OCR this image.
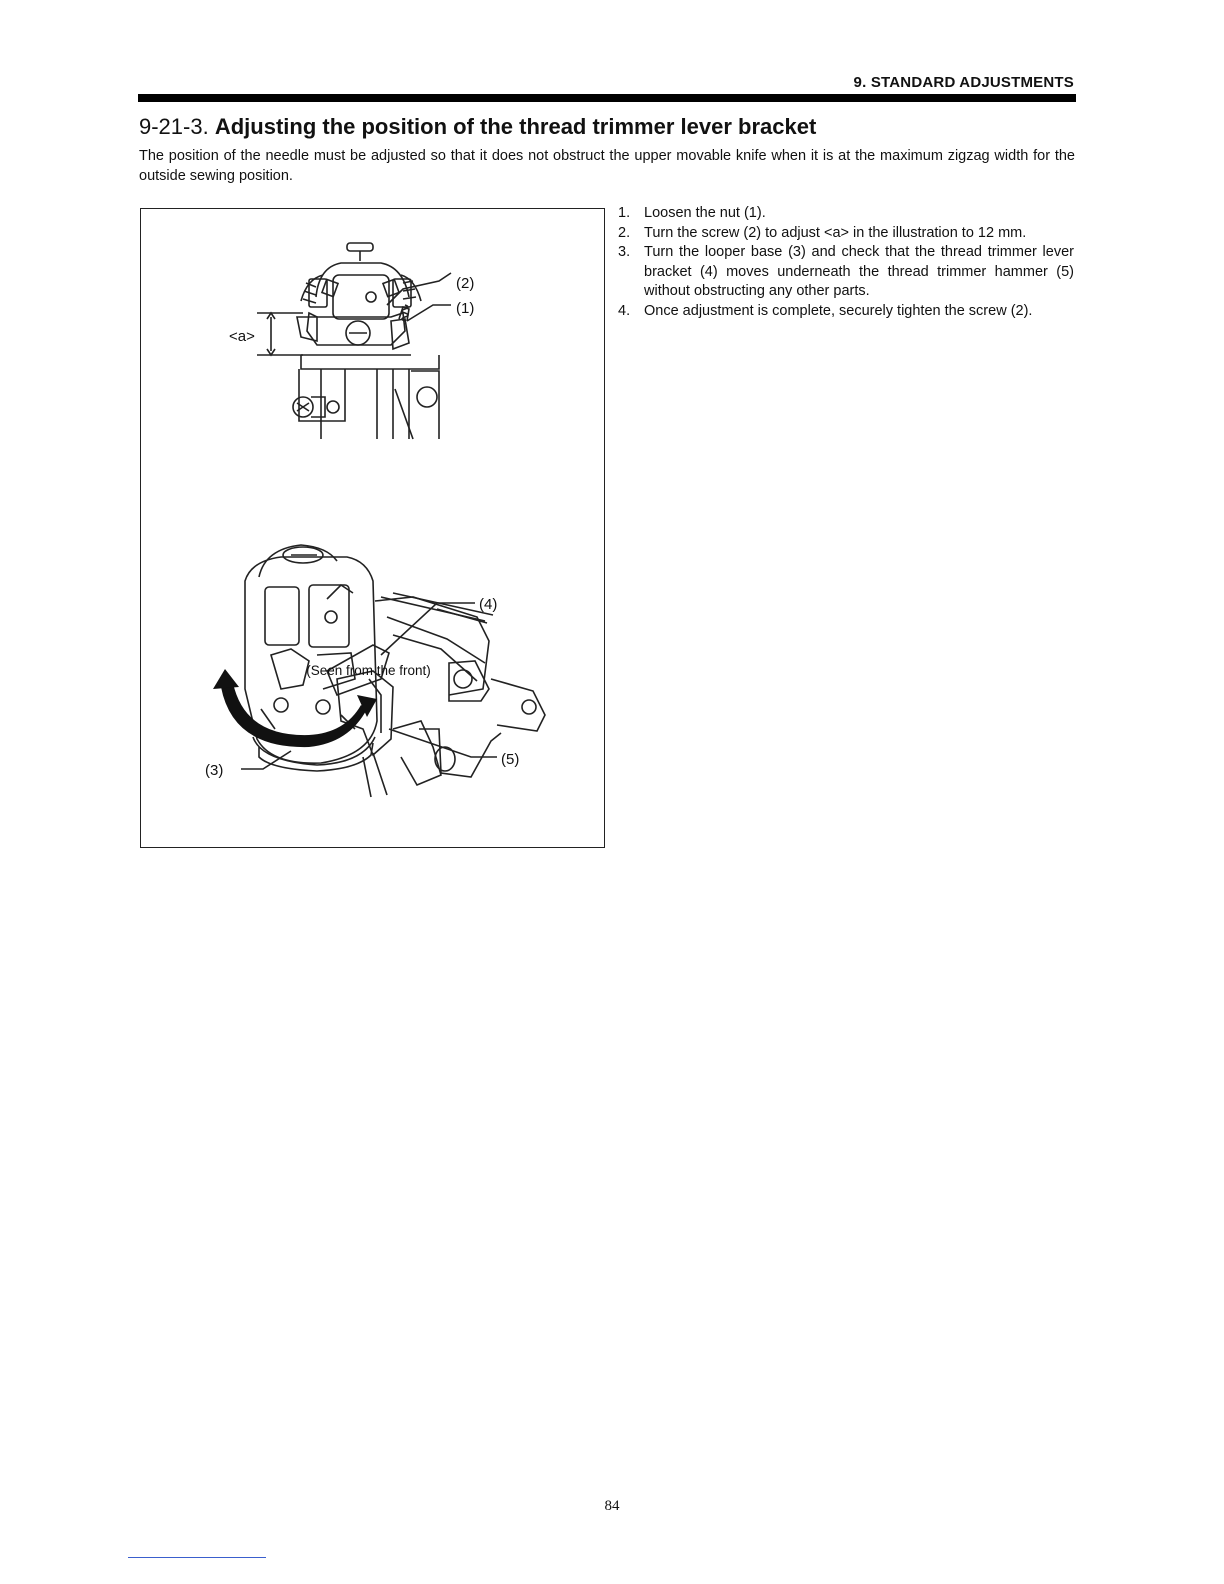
9. STANDARD ADJUSTMENTS
9-21-3. Adjusting the position of the thread trimmer lever bracket
The position of the needle must be adjusted so that it does not obstruct the upper movable knife when it is at the maximum zigzag width for the outside sewing position.
<a>
(2)
(1)
(4)
(5)
(3)
(Seen from the front)
1. Loosen the nut (1).
2. Turn the screw (2) to adjust <a> in the illustration to 12 mm.
3. Turn the looper base (3) and check that the thread trimmer lever bracket (4) moves underneath the thread trimmer hammer (5) without obstructing any other parts.
4. Once adjustment is complete, securely tighten the screw (2).
84
